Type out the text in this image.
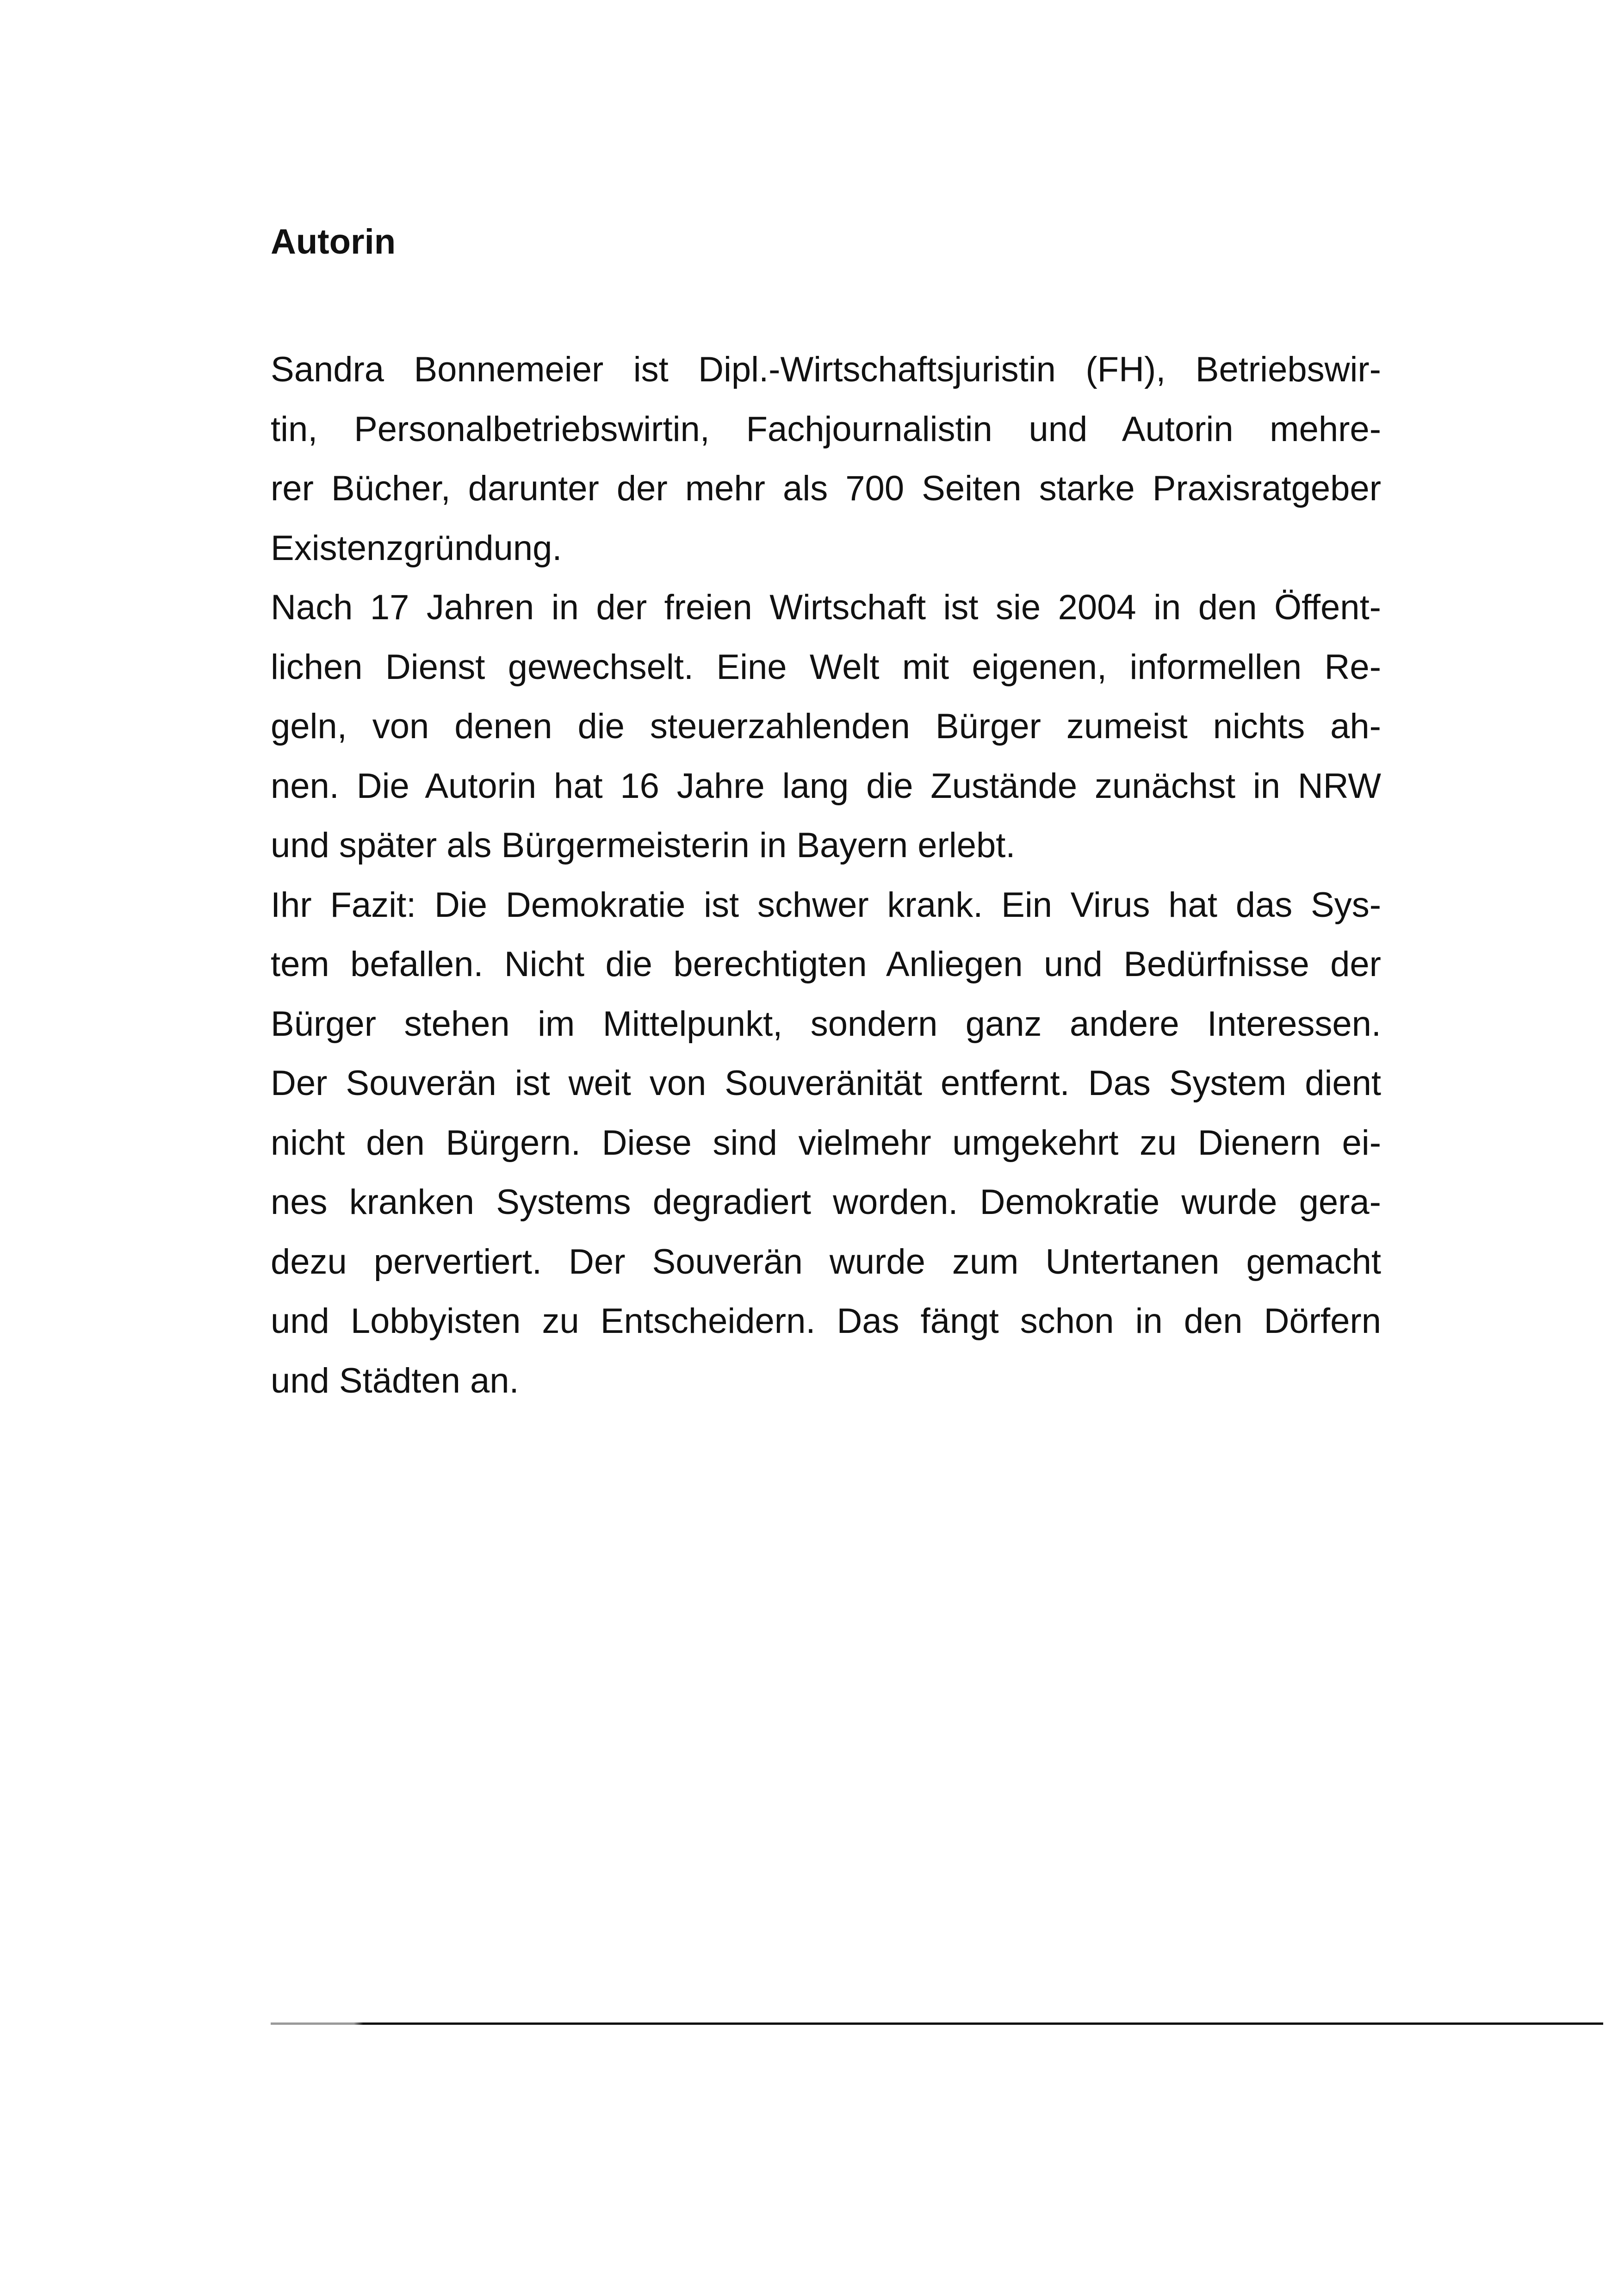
Autorin
Sandra Bonnemeier ist Dipl.-Wirtschaftsjuristin (FH), Betriebswir-
tin, Personalbetriebswirtin, Fachjournalistin und Autorin mehre-
rer Bücher, darunter der mehr als 700 Seiten starke Praxisratgeber
Existenzgründung.
Nach 17 Jahren in der freien Wirtschaft ist sie 2004 in den Öffent-
lichen Dienst gewechselt. Eine Welt mit eigenen, informellen Re-
geln, von denen die steuerzahlenden Bürger zumeist nichts ah-
nen. Die Autorin hat 16 Jahre lang die Zustände zunächst in NRW
und später als Bürgermeisterin in Bayern erlebt.
Ihr Fazit: Die Demokratie ist schwer krank. Ein Virus hat das Sys-
tem befallen. Nicht die berechtigten Anliegen und Bedürfnisse der
Bürger stehen im Mittelpunkt, sondern ganz andere Interessen.
Der Souverän ist weit von Souveränität entfernt. Das System dient
nicht den Bürgern. Diese sind vielmehr umgekehrt zu Dienern ei-
nes kranken Systems degradiert worden. Demokratie wurde gera-
dezu pervertiert. Der Souverän wurde zum Untertanen gemacht
und Lobbyisten zu Entscheidern. Das fängt schon in den Dörfern
und Städten an.
